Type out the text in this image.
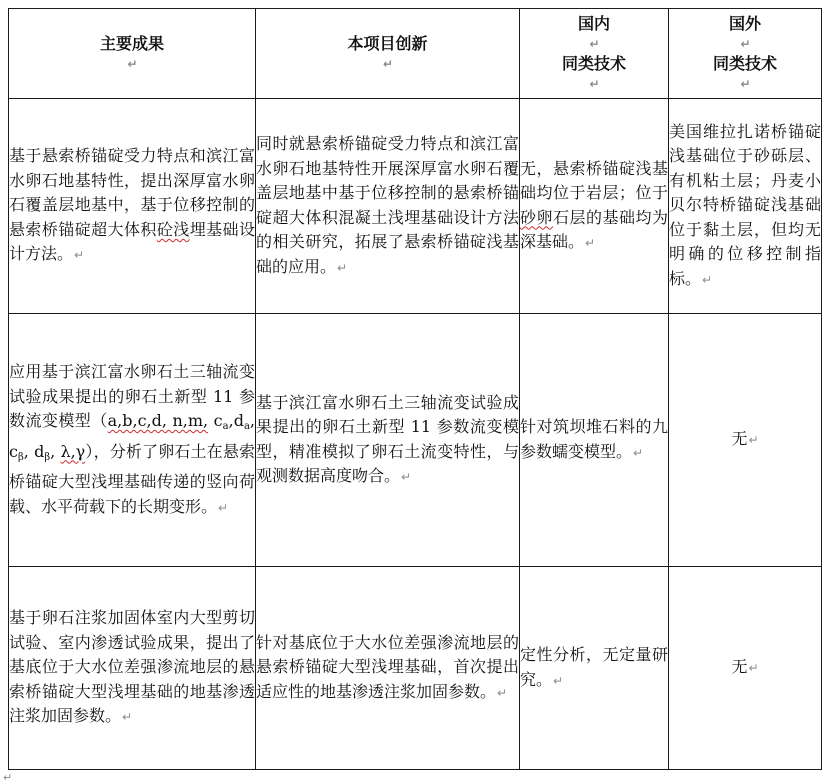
主要成果
↵	本项目创新
↵	国内
↵
同类技术
↵	国外
↵
同类技术
↵

基于悬索桥锚碇受力特点和滨江富水卵石地基特性，提出深厚富水卵石覆盖层地基中，基于位移控制的悬索桥锚碇超大体积砼浅埋基础设计方法。↵	同时就悬索桥锚碇受力特点和滨江富水卵石地基特性开展深厚富水卵石覆盖层地基中基于位移控制的悬索桥锚碇超大体积混凝土浅埋基础设计方法的相关研究，拓展了悬索桥锚碇浅基础的应用。↵	无，悬索桥锚碇浅基础均位于岩层；位于砂卵石层的基础均为深基础。↵	美国维拉扎诺桥锚碇浅基础位于砂砾层、有机粘土层；丹麦小贝尔特桥锚碇浅基础位于黏土层，但均无明确的位移控制指标。↵
应用基于滨江富水卵石土三轴流变试验成果提出的卵石土新型 11 参数流变模型（a,b,c,d, n,m, $c_a,d_a$, $c_\beta$, $d_\beta$, λ,γ），分析了卵石土在悬索桥锚碇大型浅埋基础传递的竖向荷载、水平荷载下的长期变形。↵	基于滨江富水卵石土三轴流变试验成果提出的卵石土新型 11 参数流变模型，精准模拟了卵石土流变特性，与观测数据高度吻合。↵	针对筑坝堆石料的九参数蠕变模型。↵	无↵
基于卵石注浆加固体室内大型剪切试验、室内渗透试验成果，提出了基底位于大水位差强渗流地层的悬索桥锚碇大型浅埋基础的地基渗透注浆加固参数。↵	针对基底位于大水位差强渗流地层的悬索桥锚碇大型浅埋基础，首次提出适应性的地基渗透注浆加固参数。↵	定性分析，无定量研究。↵	无↵
↵
